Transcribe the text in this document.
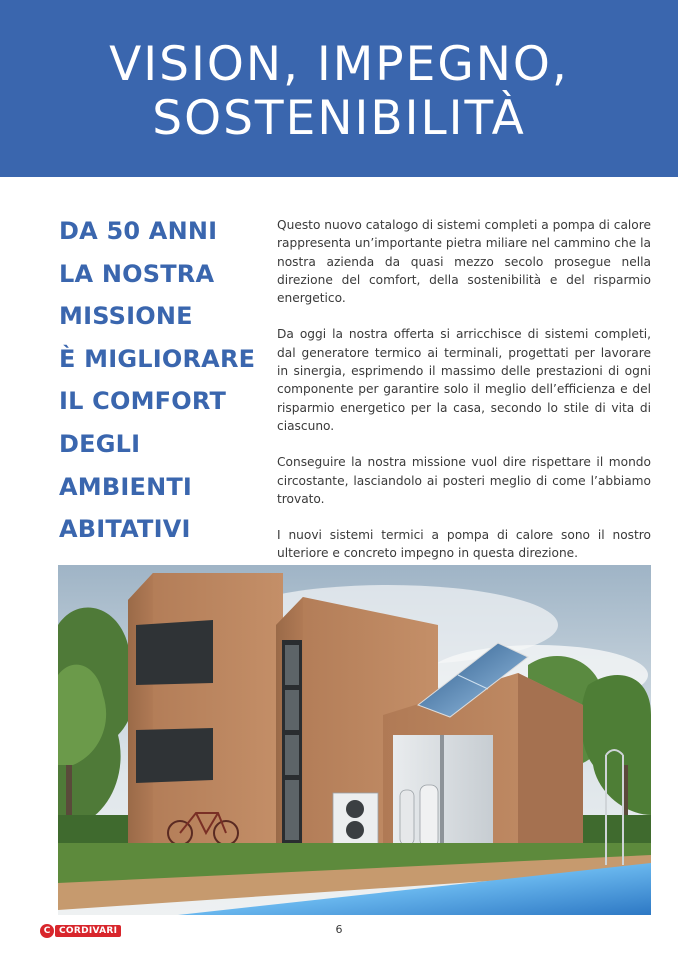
VISION, IMPEGNO,
SOSTENIBILITÀ
DA 50 ANNI
LA NOSTRA
MISSIONE
È MIGLIORARE
IL COMFORT
DEGLI
AMBIENTI
ABITATIVI

Questo nuovo catalogo di sistemi completi a pompa di calore rappresenta un’importante pietra miliare nel cammino che la nostra azienda da quasi mezzo secolo prosegue nella direzione del comfort, della sostenibilità e del risparmio energetico.

Da oggi la nostra offerta si arricchisce di sistemi completi, dal generatore termico ai terminali, progettati per lavorare in sinergia, esprimendo il massimo delle prestazioni di ogni componente per garantire solo il meglio dell’efficienza e del risparmio energetico per la casa, secondo lo stile di vita di ciascuno.

Conseguire la nostra missione vuol dire rispettare il mondo circostante, lasciandolo ai posteri meglio di come l’abbiamo trovato.

I nuovi sistemi termici a pompa di calore sono il nostro ulteriore e concreto impegno in questa direzione.

C CORDIVARI	6
